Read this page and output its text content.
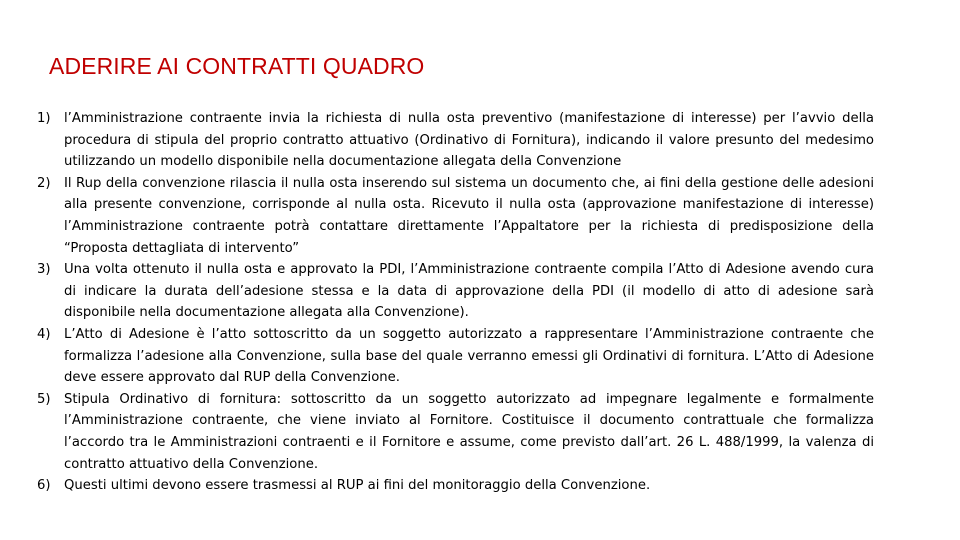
ADERIRE AI CONTRATTI QUADRO
1) l’Amministrazione contraente invia la richiesta di nulla osta preventivo (manifestazione di interesse) per l’avvio della procedura di stipula del proprio contratto attuativo (Ordinativo di Fornitura), indicando il valore presunto del medesimo utilizzando un modello disponibile nella documentazione allegata della Convenzione
2) Il Rup della convenzione rilascia il nulla osta inserendo sul sistema un documento che, ai fini della gestione delle adesioni alla presente convenzione, corrisponde al nulla osta. Ricevuto il nulla osta (approvazione manifestazione di interesse) l’Amministrazione contraente potrà contattare direttamente l’Appaltatore per la richiesta di predisposizione della “Proposta dettagliata di intervento”
3) Una volta ottenuto il nulla osta e approvato la PDI, l’Amministrazione contraente compila l’Atto di Adesione avendo cura di indicare la durata dell’adesione stessa e la data di approvazione della PDI (il modello di atto di adesione sarà disponibile nella documentazione allegata alla Convenzione).
4) L’Atto di Adesione è l’atto sottoscritto da un soggetto autorizzato a rappresentare l’Amministrazione contraente che formalizza l’adesione alla Convenzione, sulla base del quale verranno emessi gli Ordinativi di fornitura. L’Atto di Adesione deve essere approvato dal RUP della Convenzione.
5) Stipula Ordinativo di fornitura: sottoscritto da un soggetto autorizzato ad impegnare legalmente e formalmente l’Amministrazione contraente, che viene inviato al Fornitore. Costituisce il documento contrattuale che formalizza l’accordo tra le Amministrazioni contraenti e il Fornitore e assume, come previsto dall’art. 26 L. 488/1999, la valenza di contratto attuativo della Convenzione.
6) Questi ultimi devono essere trasmessi al RUP ai fini del monitoraggio della Convenzione.
